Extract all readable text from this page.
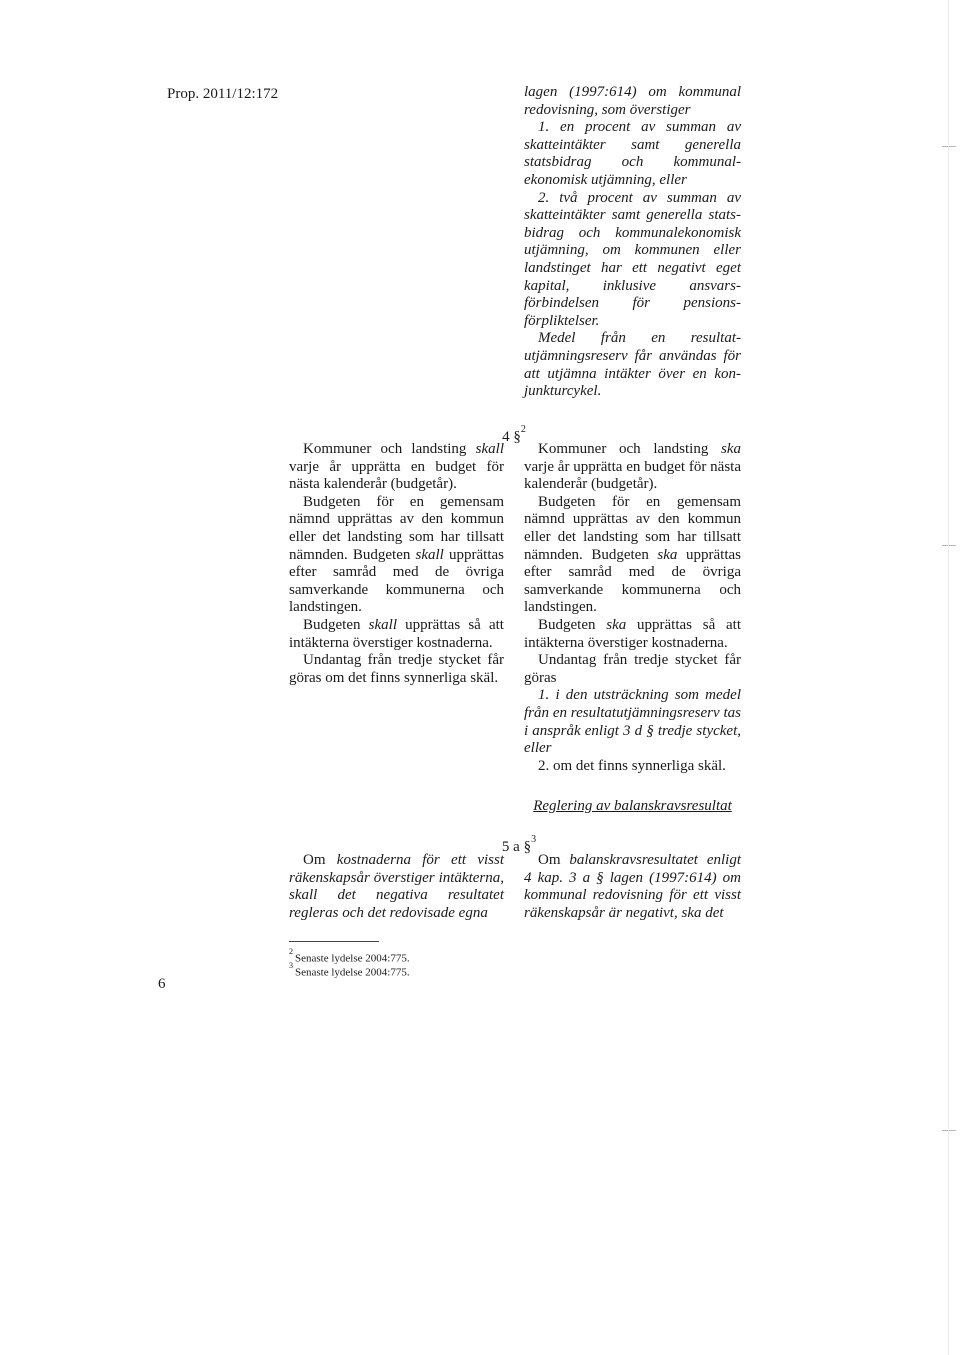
Prop. 2011/12:172	lagen (1997:614) om kommunal redovisning, som överstiger

1. en procent av summan av skatteintäkter samt generella statsbidrag och kommunalekonomisk utjämning, eller

2. två procent av summan av skatteintäkter samt generella statsbidrag och kommunalekonomisk utjämning, om kommunen eller landstinget har ett negativt eget kapital, inklusive ansvarsförbindelsen för pensionsförpliktelser.

Medel från en resultatutjämningsreserv får användas för att utjämna intäkter över en konjunkturcykel.

4 §$^2$

Kommuner och landsting skall varje år upprätta en budget för nästa kalenderår (budgetår).

Budgeten för en gemensam nämnd upprättas av den kommun eller det landsting som har tillsatt nämnden. Budgeten skall upprättas efter samråd med de övriga samverkande kommunerna och landstingen.

Budgeten skall upprättas så att intäkterna överstiger kostnaderna.

Undantag från tredje stycket får göras om det finns synnerliga skäl.

Kommuner och landsting ska varje år upprätta en budget för nästa kalenderår (budgetår).

Budgeten för en gemensam nämnd upprättas av den kommun eller det landsting som har tillsatt nämnden. Budgeten ska upprättas efter samråd med de övriga samverkande kommunerna och landstingen.

Budgeten ska upprättas så att intäkterna överstiger kostnaderna.

Undantag från tredje stycket får göras

1. i den utsträckning som medel från en resultatutjämningsreserv tas i anspråk enligt 3 d § tredje stycket, eller

2. om det finns synnerliga skäl.

Reglering av balanskravsresultat
5 a §$^3$

Om kostnaderna för ett visst räkenskapsår överstiger intäkterna, skall det negativa resultatet regleras och det redovisade egna

Om balanskravsresultatet enligt 4 kap. 3 a § lagen (1997:614) om kommunal redovisning för ett visst räkenskapsår är negativt, ska det

$^2$Senaste lydelse 2004:775.
$^3$Senaste lydelse 2004:775.
6
